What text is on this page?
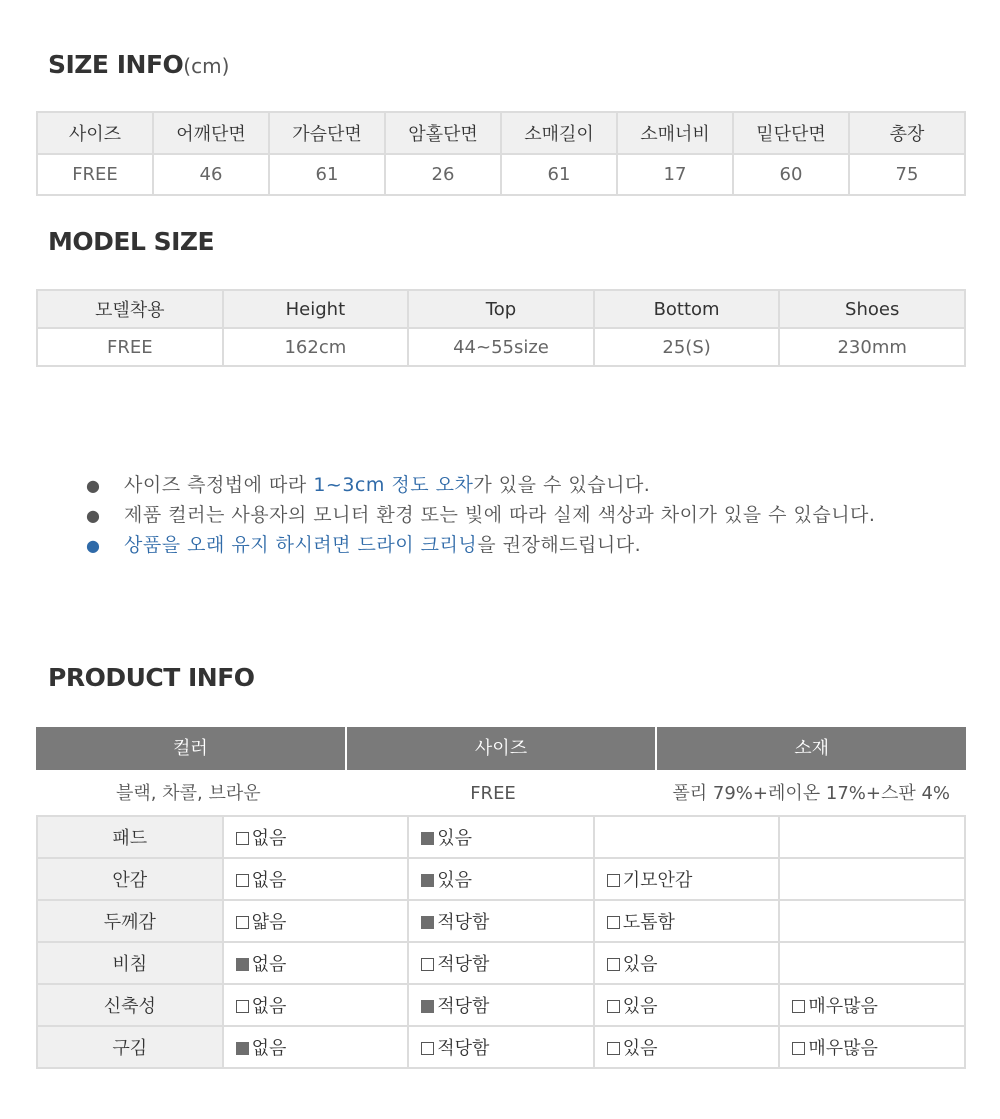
SIZE INFO(cm)
사이즈	어깨단면	가슴단면	암홀단면	소매길이	소매너비	밑단단면	총장
FREE	46	61	26	61	17	60	75
MODEL SIZE
모델착용	Height	Top	Bottom	Shoes
FREE	162cm	44~55size	25(S)	230mm
● 사이즈 측정법에 따라 1~3cm 정도 오차가 있을 수 있습니다.
● 제품 컬러는 사용자의 모니터 환경 또는 빛에 따라 실제 색상과 차이가 있을 수 있습니다.
● 상품을 오래 유지 하시려면 드라이 크리닝을 권장해드립니다.
PRODUCT INFO
컬러	사이즈	소재
블랙, 차콜, 브라운	FREE	폴리 79%+레이온 17%+스판 4%
패드	없음	있음		
안감	없음	있음	기모안감	
두께감	얇음	적당함	도톰함	
비침	없음	적당함	있음	
신축성	없음	적당함	있음	매우많음
구김	없음	적당함	있음	매우많음
